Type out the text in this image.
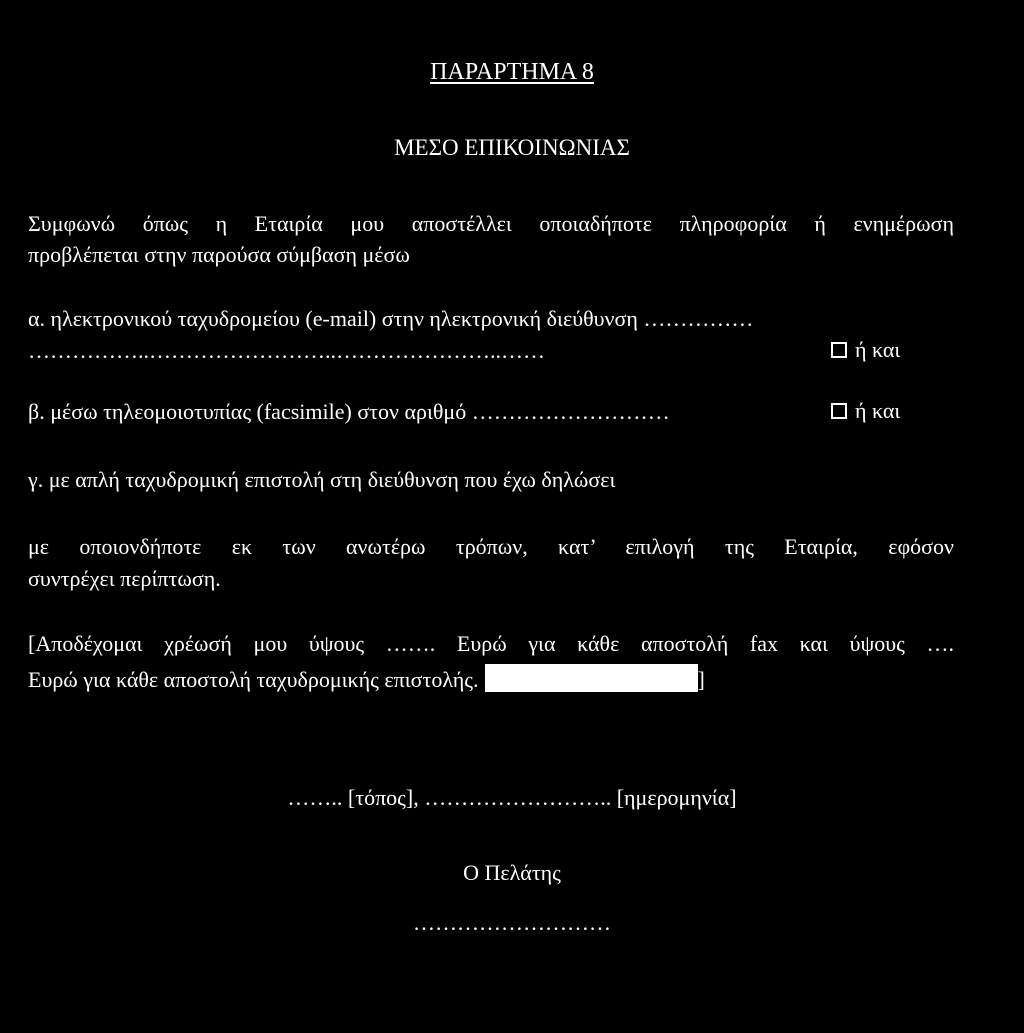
ΠΑΡΑΡΤΗΜΑ 8
ΜΕΣΟ ΕΠΙΚΟΙΝΩΝΙΑΣ
Συμφωνώ όπως η Εταιρία μου αποστέλλει οποιαδήποτε πληροφορία ή ενημέρωση
προβλέπεται στην παρούσα σύμβαση μέσω
α. ηλεκτρονικού ταχυδρομείου (e-mail) στην ηλεκτρονική διεύθυνση ……………
……………..……………………..…………………..……	ή και
β. μέσω τηλεομοιοτυπίας (facsimile) στον αριθμό ………………………	ή και
γ. με απλή ταχυδρομική επιστολή στη διεύθυνση που έχω δηλώσει
με οποιονδήποτε εκ των ανωτέρω τρόπων, κατ’ επιλογή της Εταιρία, εφόσον
συντρέχει περίπτωση.
[Αποδέχομαι χρέωσή μου ύψους ……. Ευρώ για κάθε αποστολή fax και ύψους ….
Ευρώ για κάθε αποστολή ταχυδρομικής επιστολής.	]
…….. [τόπος], …………………….. [ημερομηνία]
Ο Πελάτης
………………………
